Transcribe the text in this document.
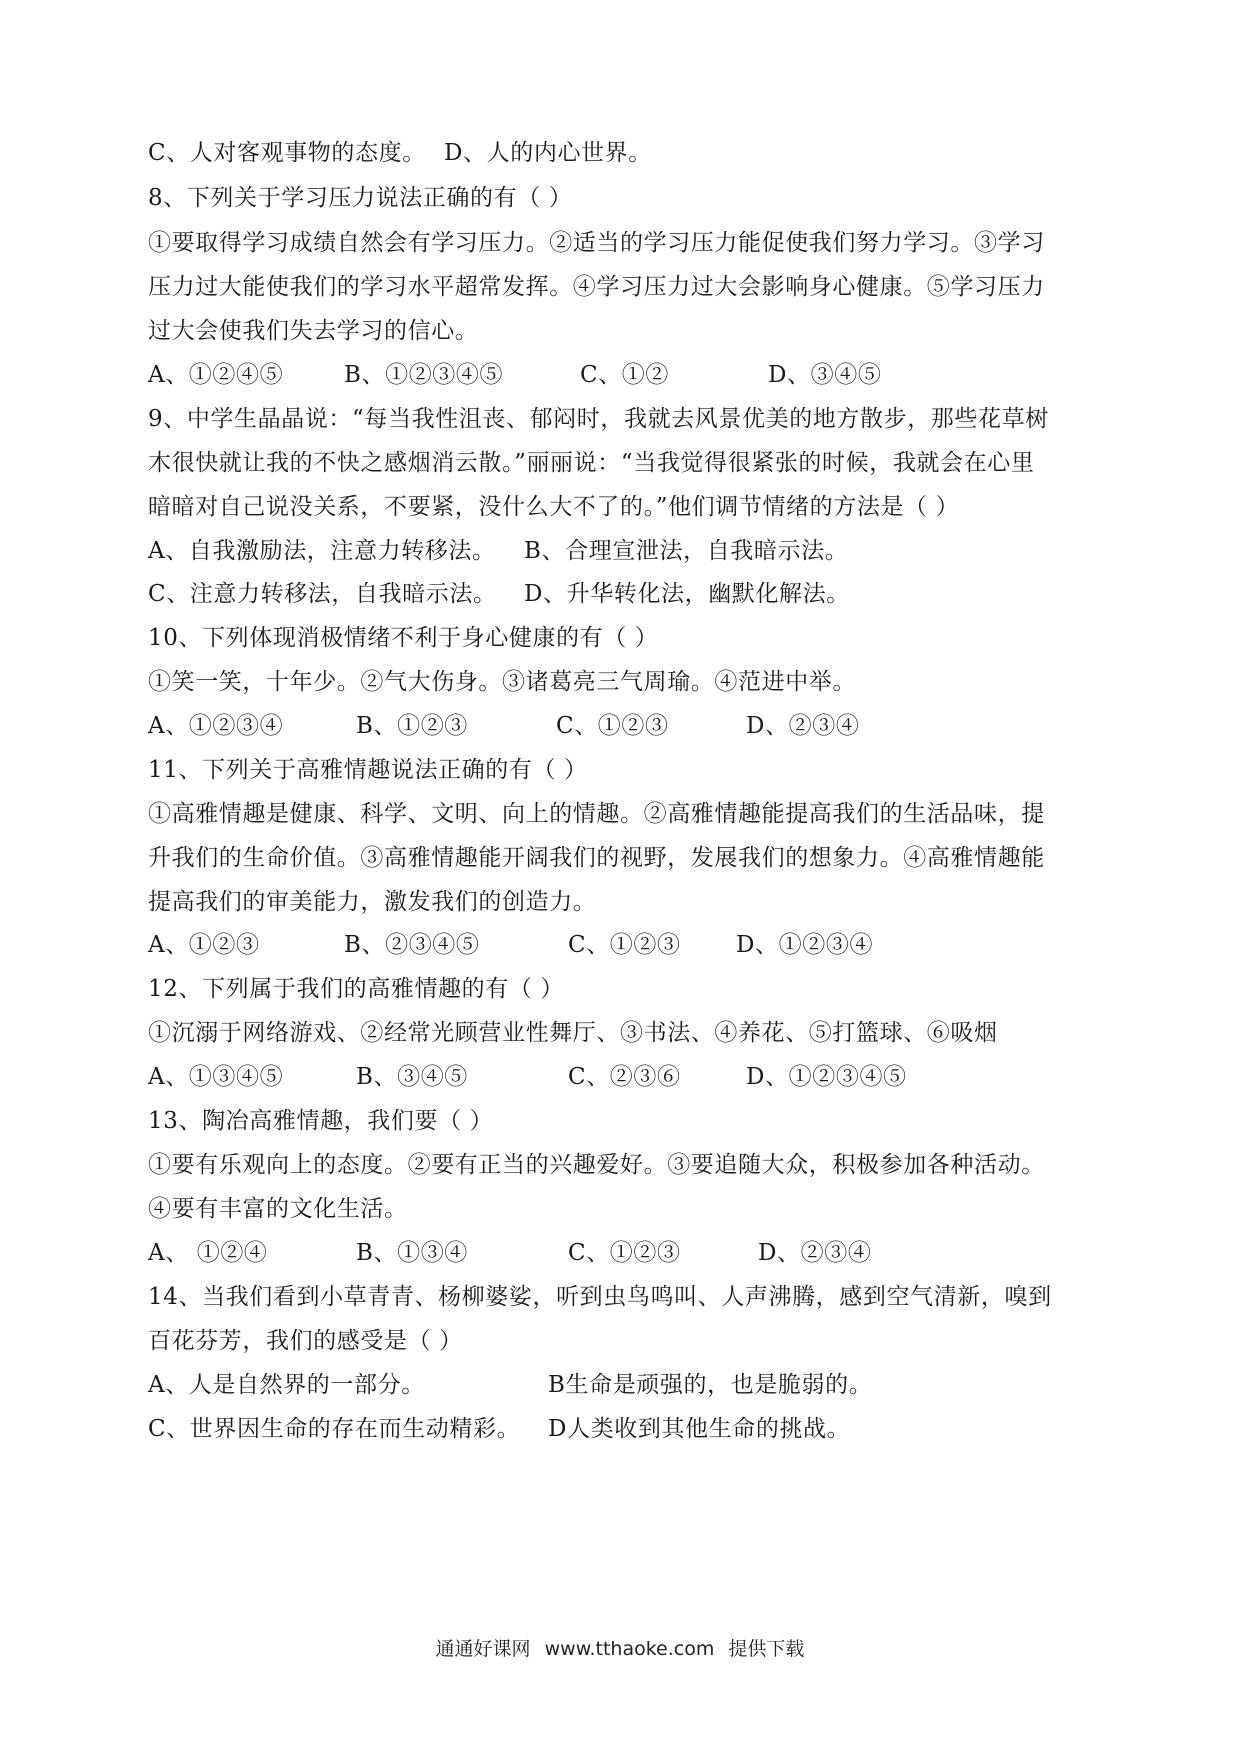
C、人对客观事物的态度。 D、人的内心世界。
8、下列关于学习压力说法正确的有（ ）
①要取得学习成绩自然会有学习压力。②适当的学习压力能促使我们努力学习。③学习
压力过大能使我们的学习水平超常发挥。④学习压力过大会影响身心健康。⑤学习压力
过大会使我们失去学习的信心。
A、①②④⑤	B、①②③④⑤	C、①②	D、③④⑤
9、中学生晶晶说：“每当我性沮丧、郁闷时，我就去风景优美的地方散步，那些花草树
木很快就让我的不快之感烟消云散。”丽丽说：“当我觉得很紧张的时候，我就会在心里
暗暗对自己说没关系，不要紧，没什么大不了的。”他们调节情绪的方法是（ ）
A、自我激励法，注意力转移法。 B、合理宣泄法，自我暗示法。
C、注意力转移法，自我暗示法。 D、升华转化法，幽默化解法。
10、下列体现消极情绪不利于身心健康的有（ ）
①笑一笑，十年少。②气大伤身。③诸葛亮三气周瑜。④范进中举。
A、①②③④	B、①②③	C、①②③	D、②③④
11、下列关于高雅情趣说法正确的有（ ）
①高雅情趣是健康、科学、文明、向上的情趣。②高雅情趣能提高我们的生活品味，提
升我们的生命价值。③高雅情趣能开阔我们的视野，发展我们的想象力。④高雅情趣能
提高我们的审美能力，激发我们的创造力。
A、①②③	B、②③④⑤	C、①②③ D、①②③④
12、下列属于我们的高雅情趣的有（ ）
①沉溺于网络游戏、②经常光顾营业性舞厅、③书法、④养花、⑤打篮球、⑥吸烟
A、①③④⑤	B、③④⑤	C、②③⑥	D、①②③④⑤
13、陶冶高雅情趣，我们要（ ）
①要有乐观向上的态度。②要有正当的兴趣爱好。③要追随大众，积极参加各种活动。
④要有丰富的文化生活。
A、 ①②④	B、①③④	C、①②③	D、②③④
14、当我们看到小草青青、杨柳婆娑，听到虫鸟鸣叫、人声沸腾，感到空气清新，嗅到
百花芬芳，我们的感受是（ ）
A、人是自然界的一部分。	B生命是顽强的，也是脆弱的。
C、世界因生命的存在而生动精彩。 D人类收到其他生命的挑战。
通通好课网 www.tthaoke.com 提供下载
